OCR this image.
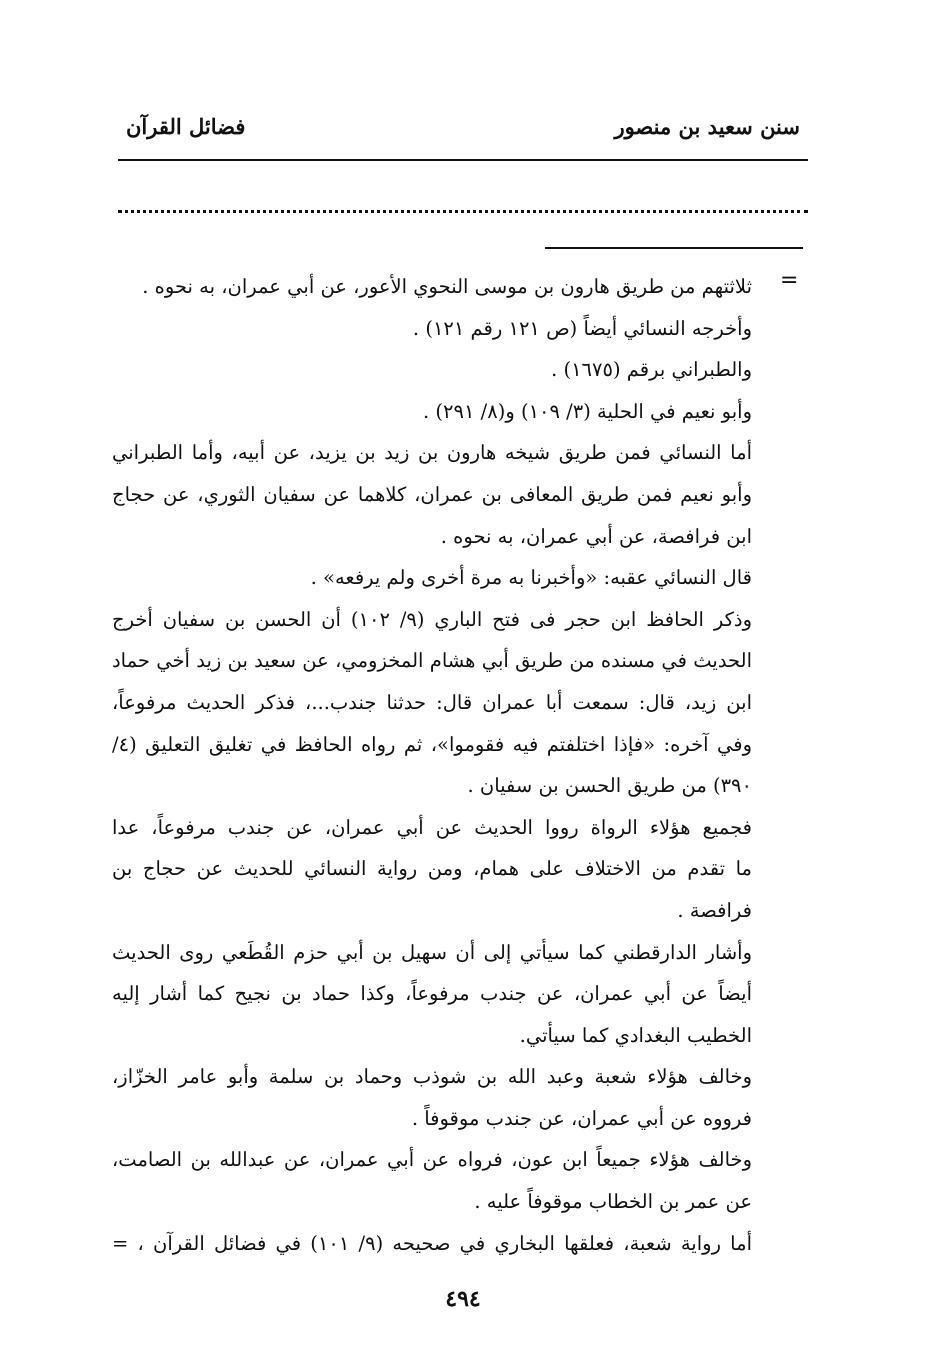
سنن سعيد بن منصور
فضائل القرآن
=
ثلاثتهم من طريق هارون بن موسى النحوي الأعور، عن أبي عمران، به نحوه .
وأخرجه النسائي أيضاً (ص ١٢١ رقم ١٢١) .
والطبراني برقم (١٦٧٥) .
وأبو نعيم في الحلية (٣/ ١٠٩) و(٨/ ٢٩١) .
أما النسائي فمن طريق شيخه هارون بن زيد بن يزيد، عن أبيه، وأما الطبراني
وأبو نعيم فمن طريق المعافى بن عمران، كلاهما عن سفيان الثوري، عن حجاج
ابن فرافصة، عن أبي عمران، به نحوه .
قال النسائي عقبه: «وأخبرنا به مرة أخرى ولم يرفعه» .
وذكر الحافظ ابن حجر فى فتح الباري (٩/ ١٠٢) أن الحسن بن سفيان أخرج
الحديث في مسنده من طريق أبي هشام المخزومي، عن سعيد بن زيد أخي حماد
ابن زيد، قال: سمعت أبا عمران قال: حدثنا جندب...، فذكر الحديث مرفوعاً،
وفي آخره: «فإذا اختلفتم فيه فقوموا»، ثم رواه الحافظ في تغليق التعليق (٤/
٣٩٠) من طريق الحسن بن سفيان .
فجميع هؤلاء الرواة رووا الحديث عن أبي عمران، عن جندب مرفوعاً، عدا
ما تقدم من الاختلاف على همام، ومن رواية النسائي للحديث عن حجاج بن
فرافصة .
وأشار الدارقطني كما سيأتي إلى أن سهيل بن أبي حزم القُطَعي روى الحديث
أيضاً عن أبي عمران، عن جندب مرفوعاً، وكذا حماد بن نجيح كما أشار إليه
الخطيب البغدادي كما سيأتي.
وخالف هؤلاء شعبة وعبد الله بن شوذب وحماد بن سلمة وأبو عامر الخزّاز،
فرووه عن أبي عمران، عن جندب موقوفاً .
وخالف هؤلاء جميعاً ابن عون، فرواه عن أبي عمران، عن عبدالله بن الصامت،
عن عمر بن الخطاب موقوفاً عليه .
أما رواية شعبة، فعلقها البخاري في صحيحه (٩/ ١٠١) في فضائل القرآن ، =
٤٩٤
